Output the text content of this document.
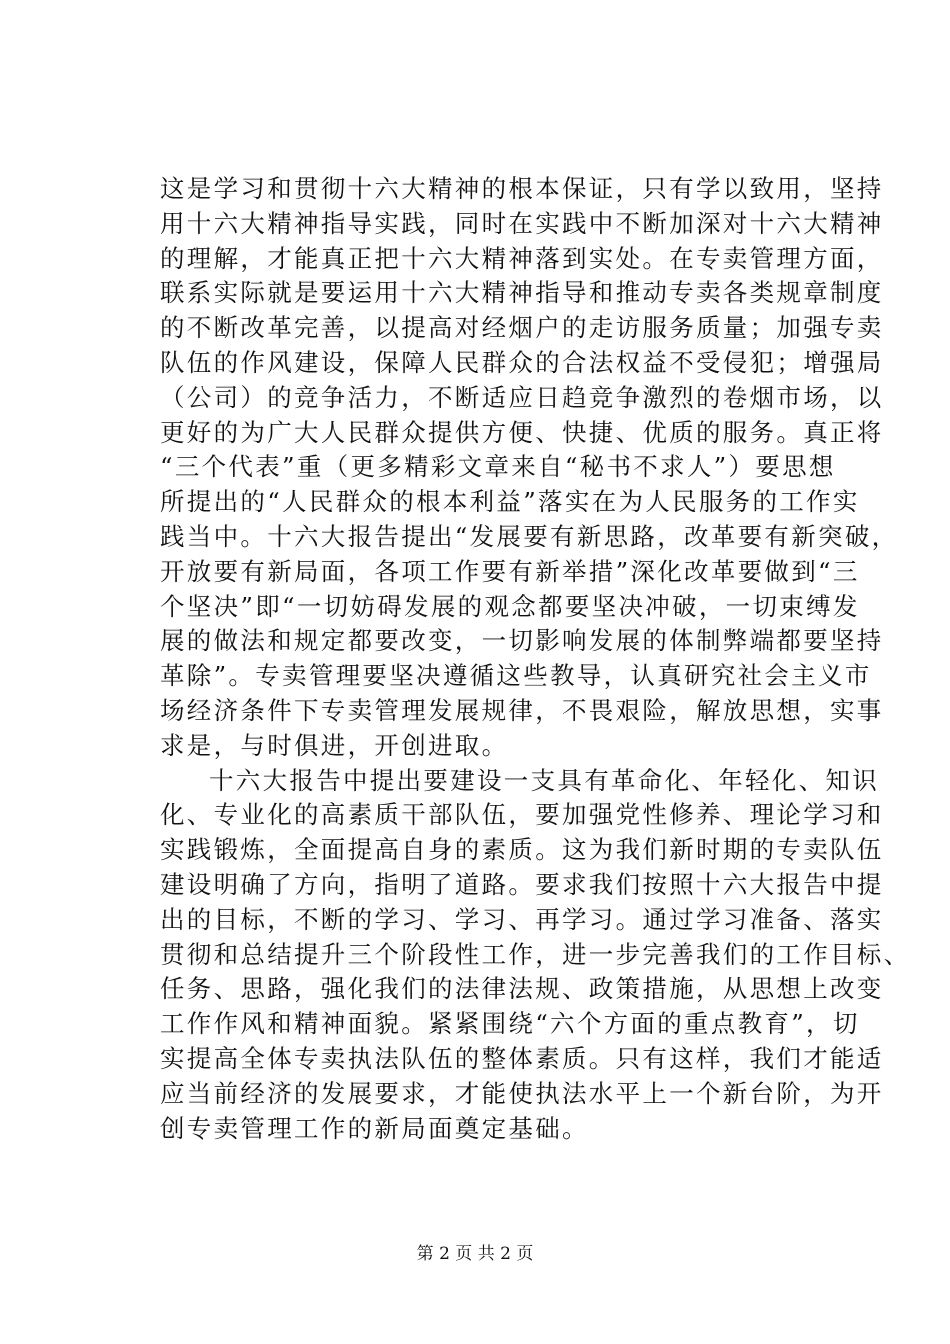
这是学习和贯彻十六大精神的根本保证，只有学以致用，坚持
用十六大精神指导实践，同时在实践中不断加深对十六大精神
的理解，才能真正把十六大精神落到实处。在专卖管理方面，
联系实际就是要运用十六大精神指导和推动专卖各类规章制度
的不断改革完善，以提高对经烟户的走访服务质量；加强专卖
队伍的作风建设，保障人民群众的合法权益不受侵犯；增强局
（公司）的竞争活力，不断适应日趋竞争激烈的卷烟市场，以
更好的为广大人民群众提供方便、快捷、优质的服务。真正将
“三个代表”重（更多精彩文章来自“秘书不求人”）要思想
所提出的“人民群众的根本利益”落实在为人民服务的工作实
践当中。十六大报告提出“发展要有新思路，改革要有新突破，
开放要有新局面，各项工作要有新举措”深化改革要做到“三
个坚决”即“一切妨碍发展的观念都要坚决冲破，一切束缚发
展的做法和规定都要改变，一切影响发展的体制弊端都要坚持
革除”。专卖管理要坚决遵循这些教导，认真研究社会主义市
场经济条件下专卖管理发展规律，不畏艰险，解放思想，实事
求是，与时俱进，开创进取。
十六大报告中提出要建设一支具有革命化、年轻化、知识
化、专业化的高素质干部队伍，要加强党性修养、理论学习和
实践锻炼，全面提高自身的素质。这为我们新时期的专卖队伍
建设明确了方向，指明了道路。要求我们按照十六大报告中提
出的目标，不断的学习、学习、再学习。通过学习准备、落实
贯彻和总结提升三个阶段性工作，进一步完善我们的工作目标、
任务、思路，强化我们的法律法规、政策措施，从思想上改变
工作作风和精神面貌。紧紧围绕“六个方面的重点教育”，切
实提高全体专卖执法队伍的整体素质。只有这样，我们才能适
应当前经济的发展要求，才能使执法水平上一个新台阶，为开
创专卖管理工作的新局面奠定基础。
第 2 页 共 2 页
